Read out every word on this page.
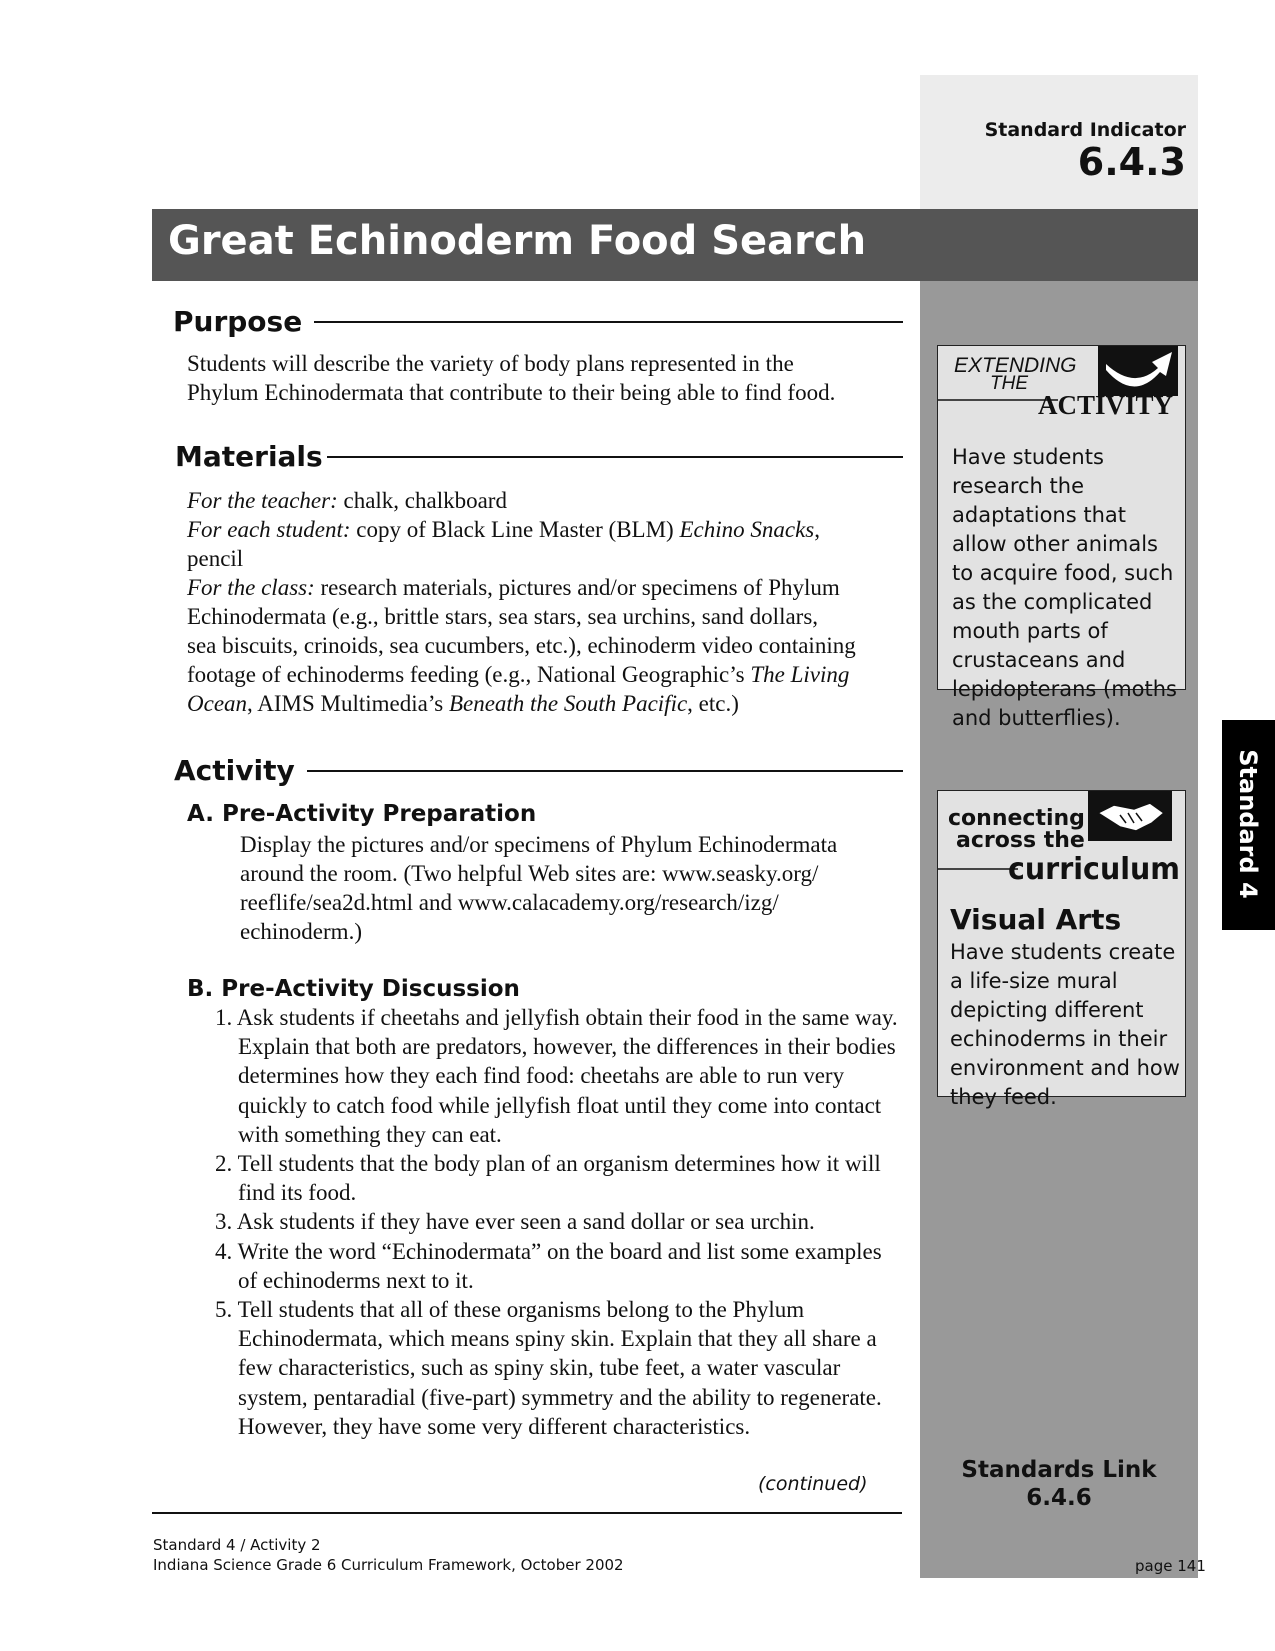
Standard Indicator
6.4.3
Great Echinoderm Food Search
Purpose
Students will describe the variety of body plans represented in the
Phylum Echinodermata that contribute to their being able to find food.
Materials
For the teacher: chalk, chalkboard
For each student: copy of Black Line Master (BLM) Echino Snacks,
pencil
For the class: research materials, pictures and/or specimens of Phylum
Echinodermata (e.g., brittle stars, sea stars, sea urchins, sand dollars,
sea biscuits, crinoids, sea cucumbers, etc.), echinoderm video containing
footage of echinoderms feeding (e.g., National Geographic’s The Living
Ocean, AIMS Multimedia’s Beneath the South Pacific, etc.)
Activity
A. Pre-Activity Preparation
Display the pictures and/or specimens of Phylum Echinodermata
around the room. (Two helpful Web sites are: www.seasky.org/
reeflife/sea2d.html and www.calacademy.org/research/izg/
echinoderm.)
B. Pre-Activity Discussion
1. Ask students if cheetahs and jellyfish obtain their food in the same way. Explain that both are predators, however, the differences in their bodies determines how they each find food: cheetahs are able to run very quickly to catch food while jellyfish float until they come into contact with something they can eat.
2. Tell students that the body plan of an organism determines how it will find its food.
3. Ask students if they have ever seen a sand dollar or sea urchin.
4. Write the word “Echinodermata” on the board and list some examples of echinoderms next to it.
5. Tell students that all of these organisms belong to the Phylum Echinodermata, which means spiny skin. Explain that they all share a few characteristics, such as spiny skin, tube feet, a water vascular system, pentaradial (five-part) symmetry and the ability to regenerate. However, they have some very different characteristics.
(continued)
Standard 4 / Activity 2
Indiana Science Grade 6 Curriculum Framework, October 2002
EXTENDING
THE
ACTIVITY
Have students research the adaptations that allow other animals to acquire food, such as the complicated mouth parts of crustaceans and lepidopterans (moths and butterflies).
connecting
across the
curriculum
Visual Arts
Have students create a life-size mural depicting different echinoderms in their environment and how they feed.
Standards Link
6.4.6
page 141
Standard 4
